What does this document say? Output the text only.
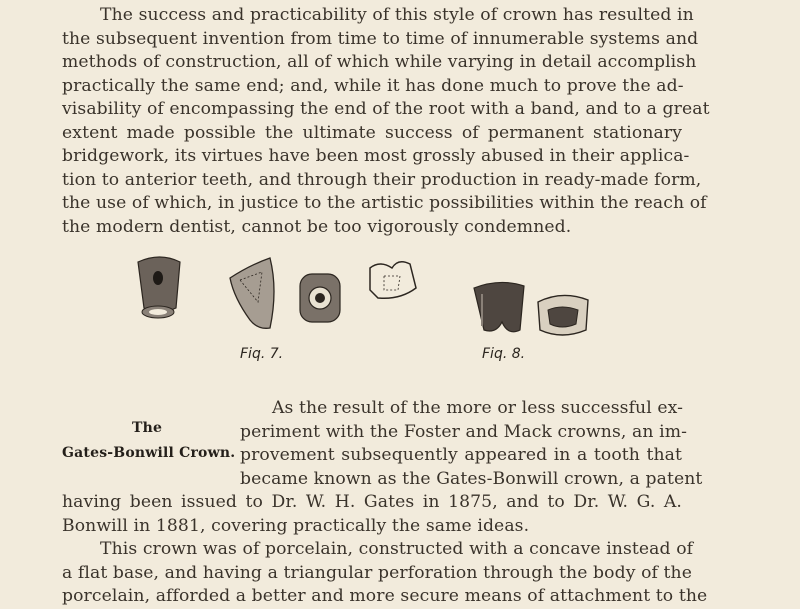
The success and practicability of this style of crown has resulted in
the subsequent invention from time to time of innumerable systems and
methods of construction, all of which while varying in detail accomplish
practically the same end; and, while it has done much to prove the ad-
visability of encompassing the end of the root with a band, and to a great
extent made possible the ultimate success of permanent stationary
bridgework, its virtues have been most grossly abused in their applica-
tion to anterior teeth, and through their production in ready-made form,
the use of which, in justice to the artistic possibilities within the reach of
the modern dentist, cannot be too vigorously condemned.

Fiq. 7.	Fiq. 8.
The
Gates-Bonwill Crown.

As the result of the more or less successful ex-
periment with the Foster and Mack crowns, an im-
provement subsequently appeared in a tooth that
became known as the Gates-Bonwill crown, a patent

having been issued to Dr. W. H. Gates in 1875, and to Dr. W. G. A.
Bonwill in 1881, covering practically the same ideas.

This crown was of porcelain, constructed with a concave instead of
a flat base, and having a triangular perforation through the body of the
porcelain, afforded a better and more secure means of attachment to the
